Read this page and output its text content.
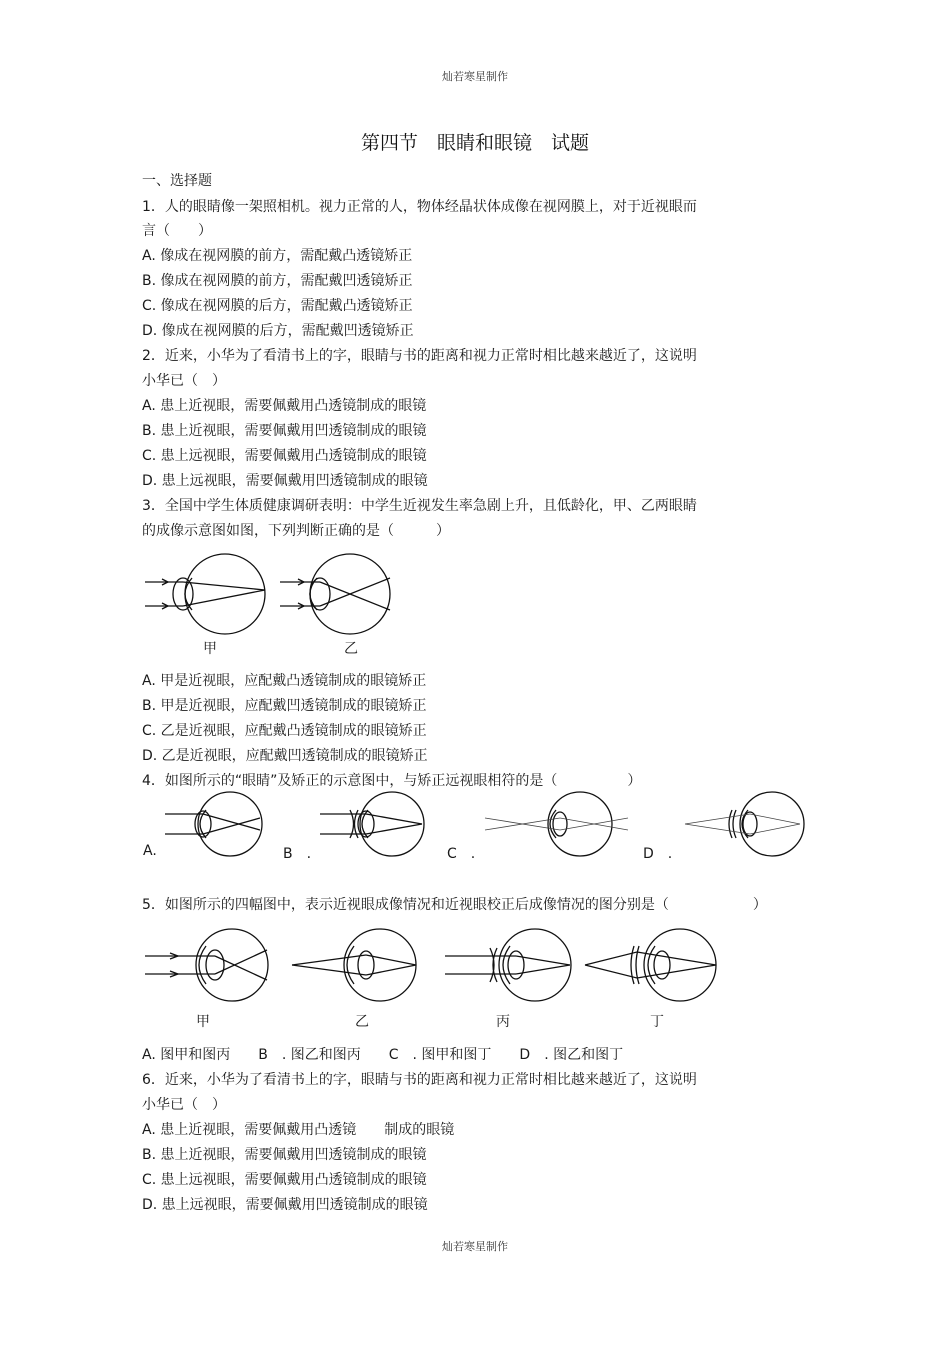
灿若寒星制作
第四节　眼睛和眼镜　试题
一、选择题
1．人的眼睛像一架照相机。视力正常的人，物体经晶状体成像在视网膜上，对于近视眼而
言（　　）
A. 像成在视网膜的前方，需配戴凸透镜矫正
B. 像成在视网膜的前方，需配戴凹透镜矫正
C. 像成在视网膜的后方，需配戴凸透镜矫正
D. 像成在视网膜的后方，需配戴凹透镜矫正
2．近来，小华为了看清书上的字，眼睛与书的距离和视力正常时相比越来越近了，这说明
小华已（　）
A. 患上近视眼，需要佩戴用凸透镜制成的眼镜
B. 患上近视眼，需要佩戴用凹透镜制成的眼镜
C. 患上远视眼，需要佩戴用凸透镜制成的眼镜
D. 患上远视眼，需要佩戴用凹透镜制成的眼镜
3．全国中学生体质健康调研表明：中学生近视发生率急剧上升，且低龄化，甲、乙两眼睛
的成像示意图如图，下列判断正确的是（　　　）
甲	乙
A. 甲是近视眼，应配戴凸透镜制成的眼镜矫正
B. 甲是近视眼，应配戴凹透镜制成的眼镜矫正
C. 乙是近视眼，应配戴凸透镜制成的眼镜矫正
D. 乙是近视眼，应配戴凹透镜制成的眼镜矫正
4．如图所示的“眼睛”及矫正的示意图中，与矫正远视眼相符的是（　　　　　）
A.	B　.	C　.	D　.
5．如图所示的四幅图中，表示近视眼成像情况和近视眼校正后成像情况的图分别是（　　　　　　）
甲	乙	丙	丁
A. 图甲和图丙　　B　. 图乙和图丙　　C　. 图甲和图丁　　D　. 图乙和图丁
6．近来，小华为了看清书上的字，眼睛与书的距离和视力正常时相比越来越近了，这说明
小华已（　）
A. 患上近视眼，需要佩戴用凸透镜　　制成的眼镜
B. 患上近视眼，需要佩戴用凹透镜制成的眼镜
C. 患上远视眼，需要佩戴用凸透镜制成的眼镜
D. 患上远视眼，需要佩戴用凹透镜制成的眼镜
灿若寒星制作
